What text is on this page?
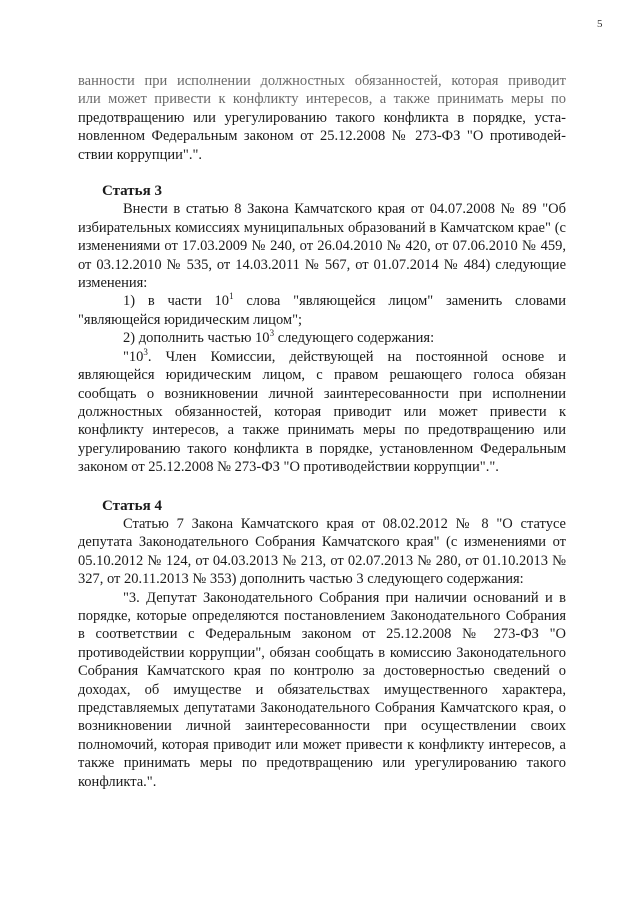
5

ванности при исполнении должностных обязанностей, которая приводит

или может привести к конфликту интересов, а также принимать меры по

предотвращению или урегулированию такого конфликта в порядке, уста-

новленном Федеральным законом от 25.12.2008 № 273-ФЗ "О противодей-

ствии коррупции".".

Статья 3

Внести в статью 8 Закона Камчатского края от 04.07.2008 № 89 "Об избирательных комиссиях муниципальных образований в Камчатском крае" (с изменениями от 17.03.2009 № 240, от 26.04.2010 № 420, от 07.06.2010 № 459, от 03.12.2010 № 535, от 14.03.2011 № 567, от 01.07.2014 № 484) следующие изменения:

1) в части $10^1$ слова "являющейся лицом" заменить словами "являющейся юридическим лицом";

2) дополнить частью $10^3$ следующего содержания:

"$10^3$. Член Комиссии, действующей на постоянной основе и являющейся юридическим лицом, с правом решающего голоса обязан сообщать о возникновении личной заинтересованности при исполнении должностных обязанностей, которая приводит или может привести к конфликту интересов, а также принимать меры по предотвращению или урегулированию такого конфликта в порядке, установленном Федеральным законом от 25.12.2008 № 273-ФЗ "О противодействии коррупции".".

Статья 4

Статью 7 Закона Камчатского края от 08.02.2012 № 8 "О статусе депутата Законодательного Собрания Камчатского края" (с изменениями от 05.10.2012 № 124, от 04.03.2013 № 213, от 02.07.2013 № 280, от 01.10.2013 № 327, от 20.11.2013 № 353) дополнить частью 3 следующего содержания:

"3. Депутат Законодательного Собрания при наличии оснований и в порядке, которые определяются постановлением Законодательного Собрания в соответствии с Федеральным законом от 25.12.2008 № 273-ФЗ "О противодействии коррупции", обязан сообщать в комиссию Законодательного Собрания Камчатского края по контролю за достоверностью сведений о доходах, об имуществе и обязательствах имущественного характера, представляемых депутатами Законодательного Собрания Камчатского края, о возникновении личной заинтересованности при осуществлении своих полномочий, которая приводит или может привести к конфликту интересов, а также принимать меры по предотвращению или урегулированию такого конфликта.".
